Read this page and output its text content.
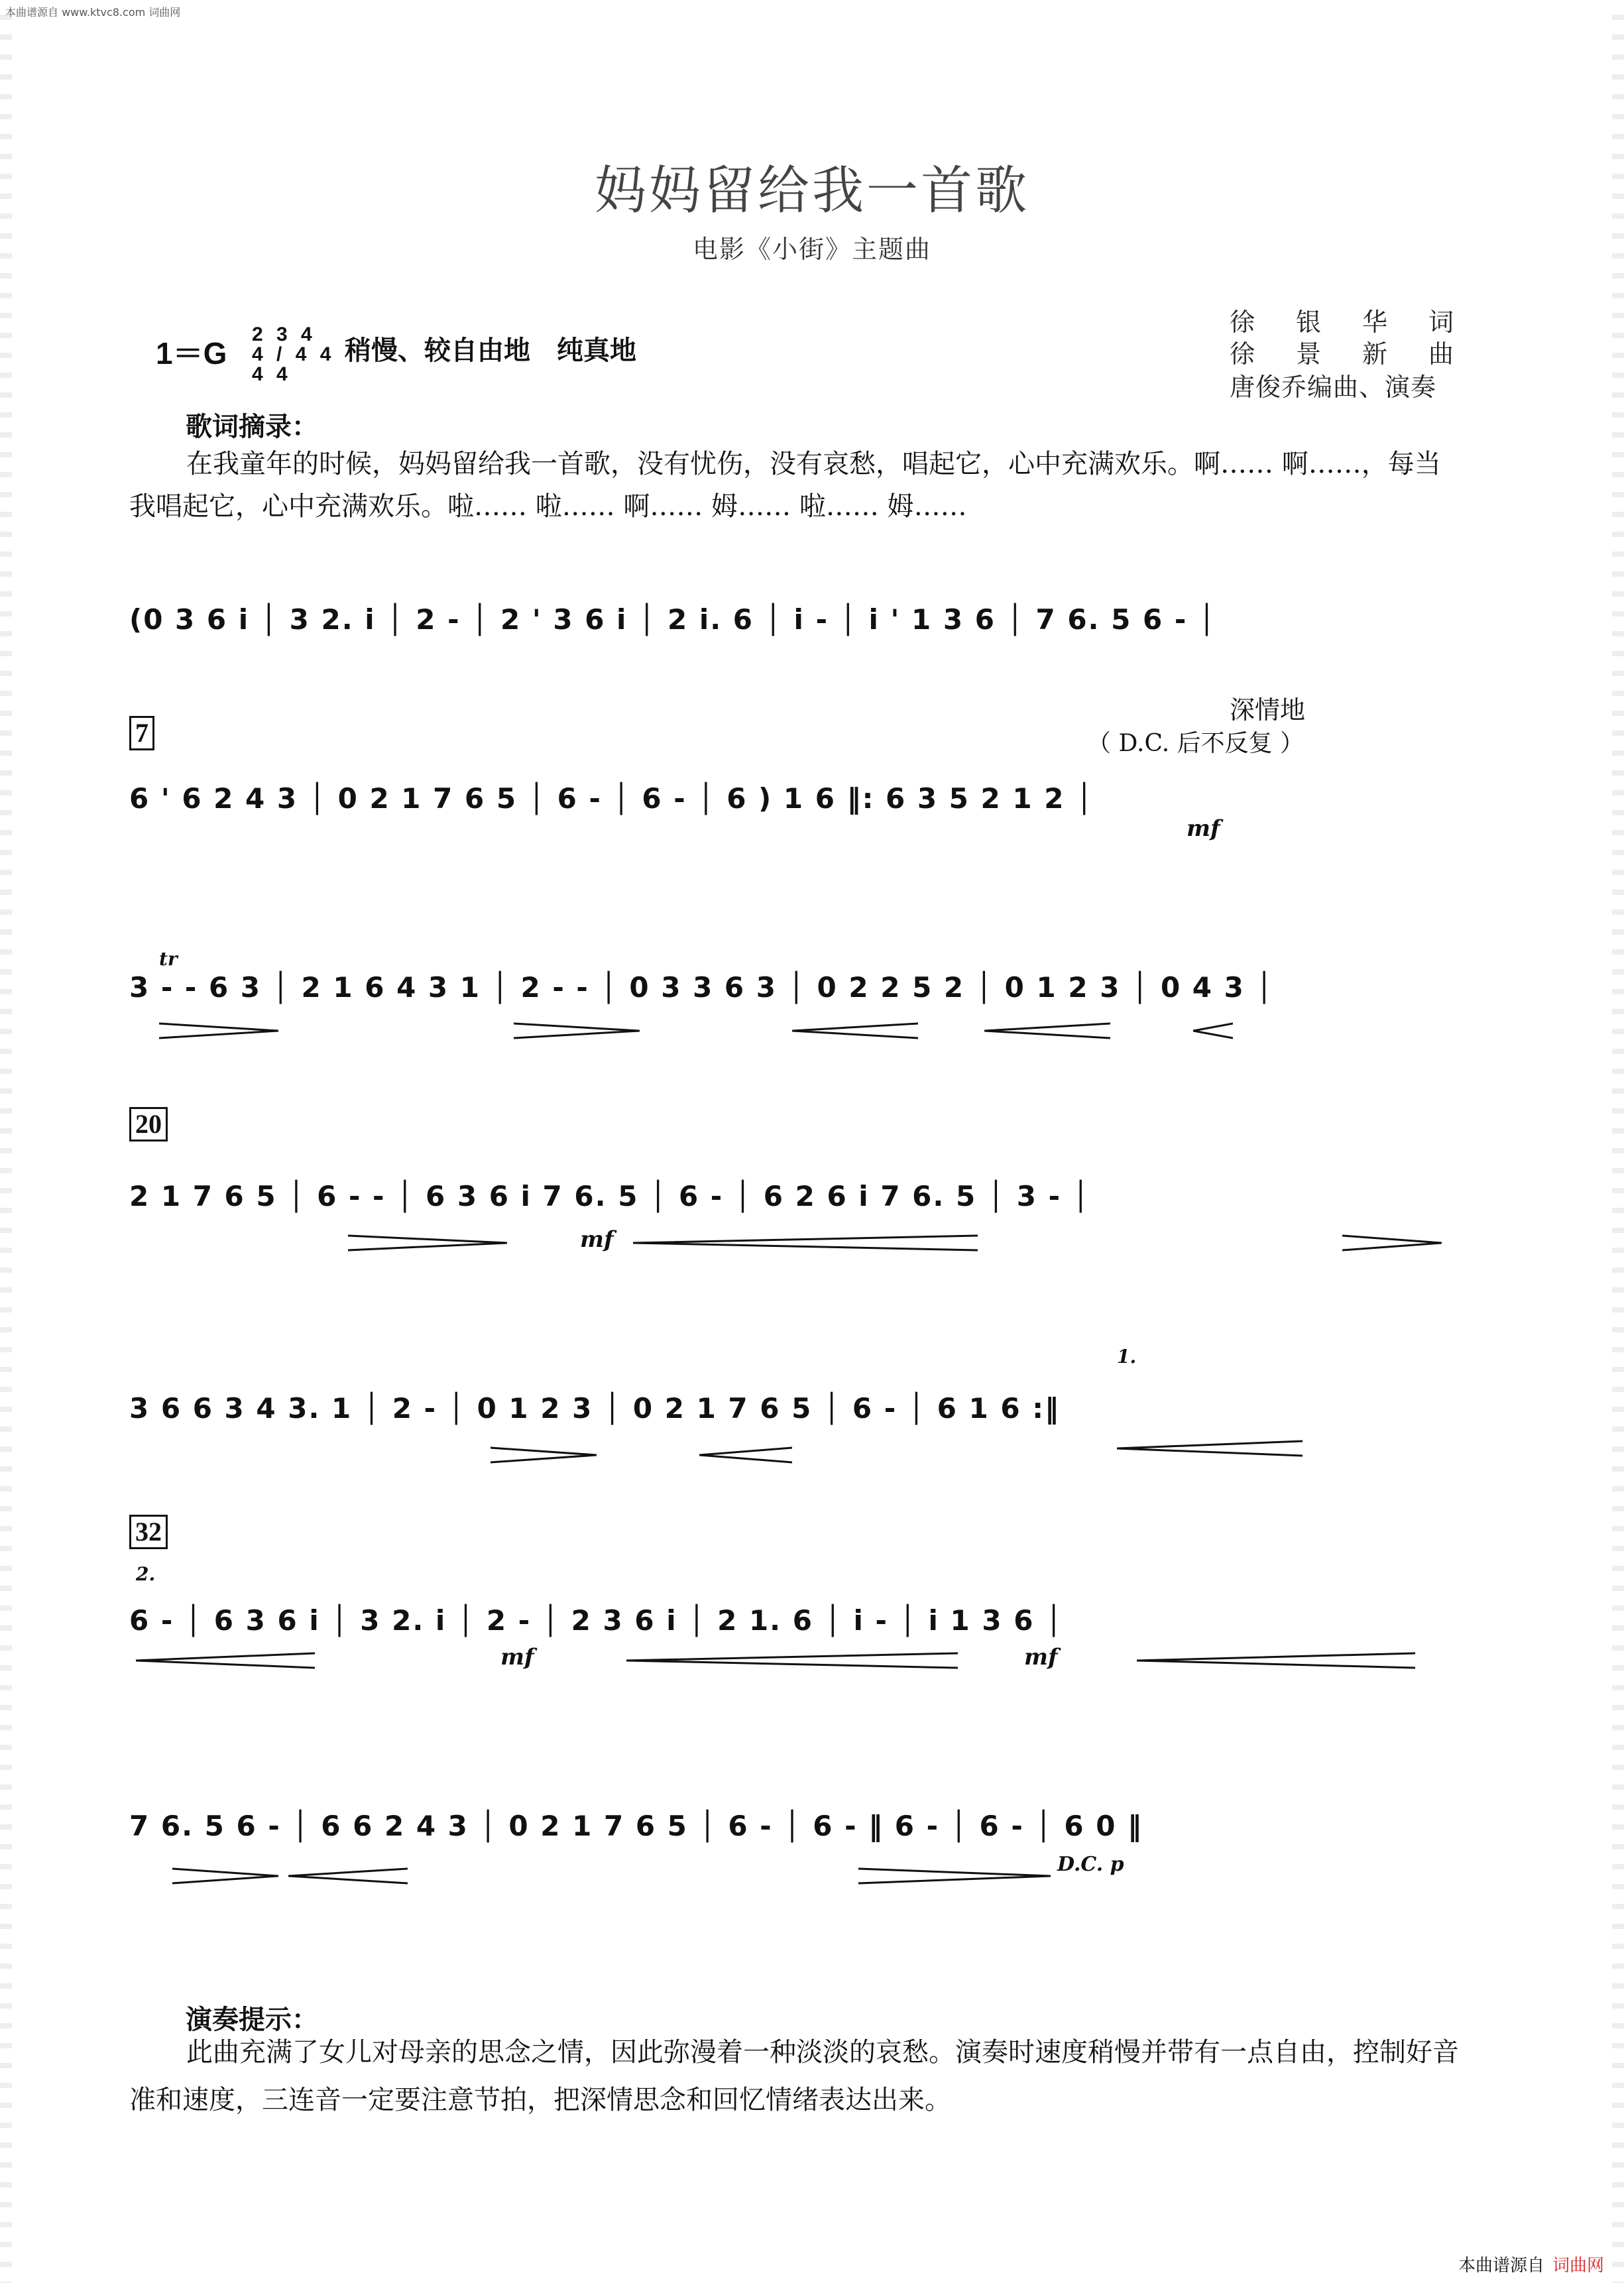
本曲谱源自 www.ktvc8.com 词曲网
妈妈留给我一首歌
电影《小街》主题曲
1＝G
2 3 4 4 / 4 4 4 4
稍慢、较自由地　纯真地
徐银华词
徐景新曲
唐俊乔编曲、演奏
歌词摘录：
在我童年的时候，妈妈留给我一首歌，没有忧伤，没有哀愁，唱起它，心中充满欢乐。啊…… 啊……，每当我唱起它，心中充满欢乐。啦…… 啦…… 啊…… 姆…… 啦…… 姆……
(0 3 6 i │ 3 2. i │ 2 - │ 2 ' 3 6 i │ 2 i. 6 │ i - │ i ' 1 3 6 │ 7 6. 5 6 - │
7
深情地
（ D.C. 后不反复 ）
6 ' 6 2 4 3 │ 0 2 1 7 6 5 │ 6 - │ 6 - │ 6 ) 1 6 ‖: 6 3 5 2 1 2 │
mf
tr
3 - - 6 3 │ 2 1 6 4 3 1 │ 2 - - │ 0 3 3 6 3 │ 0 2 2 5 2 │ 0 1 2 3 │ 0 4 3 │
20
2 1 7 6 5 │ 6 - - │ 6 3 6 i 7 6. 5 │ 6 - │ 6 2 6 i 7 6. 5 │ 3 - │
mf
3 6 6 3 4 3. 1 │ 2 - │ 0 1 2 3 │ 0 2 1 7 6 5 │ 6 - │ 6 1 6 :‖
1.
32
2.
6 - │ 6 3 6 i │ 3 2. i │ 2 - │ 2 3 6 i │ 2 1. 6 │ i - │ i 1 3 6 │
mf	mf
7 6. 5 6 - │ 6 6 2 4 3 │ 0 2 1 7 6 5 │ 6 - │ 6 - ‖ 6 - │ 6 - │ 6 0 ‖
D.C. p
演奏提示：
此曲充满了女儿对母亲的思念之情，因此弥漫着一种淡淡的哀愁。演奏时速度稍慢并带有一点自由，控制好音准和速度，三连音一定要注意节拍，把深情思念和回忆情绪表达出来。
本曲谱源自 词曲网
